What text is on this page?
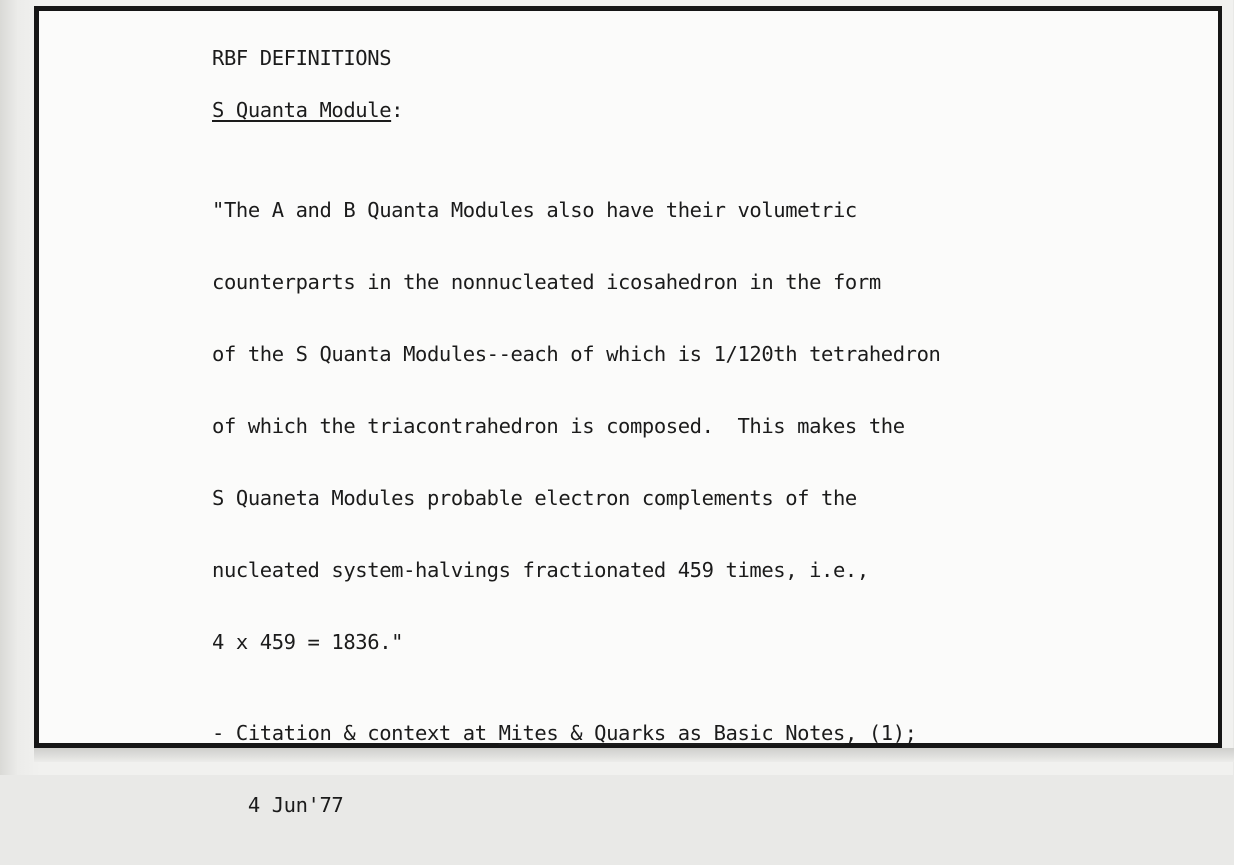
RBF DEFINITIONS
S Quanta Module:

"The A and B Quanta Modules also have their volumetric

counterparts in the nonnucleated icosahedron in the form

of the S Quanta Modules--each of which is 1/120th tetrahedron

of which the triacontrahedron is composed.  This makes the

S Quaneta Modules probable electron complements of the

nucleated system-halvings fractionated 459 times, i.e.,

4 x 459 = 1836."

- Citation & context at Mites & Quarks as Basic Notes, (1);

4 Jun'77
